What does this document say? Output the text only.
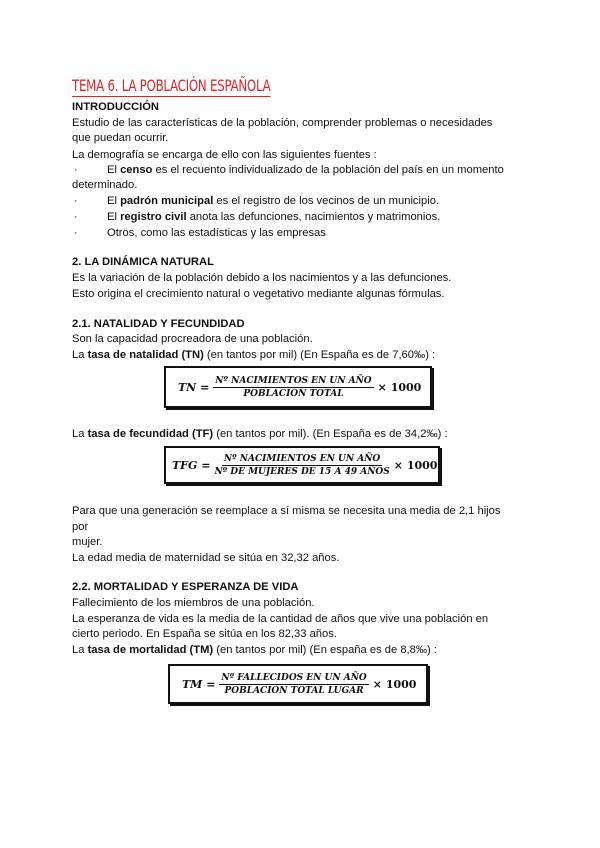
TEMA 6. LA POBLACIÓN ESPAÑOLA
INTRODUCCIÓN
Estudio de las características de la población, comprender problemas o necesidades
que puedan ocurrir.
La demografía se encarga de ello con las siguientes fuentes :
·	El censo es el recuento individualizado de la población del país en un momento
determinado.
·	El padrón municipal es el registro de los vecinos de un municipio.
·	El registro civil anota las defunciones, nacimientos y matrimonios.
·	Otros, como las estadísticas y las empresas
2. LA DINÁMICA NATURAL
Es la variación de la población debido a los nacimientos y a las defunciones.
Esto origina el crecimiento natural o vegetativo mediante algunas fórmulas.
2.1. NATALIDAD Y FECUNDIDAD
Son la capacidad procreadora de una población.
La tasa de natalidad (TN) (en tantos por mil) (En España es de 7,60‰) :
TN = $\frac{\text{Nº NACIMIENTOS EN UN AÑO}}{\text{POBLACIÓN TOTAL}} \times 1000$
La tasa de fecundidad (TF) (en tantos por mil). (En España es de 34,2‰) :
TFG = $\frac{\text{Nº NACIMIENTOS EN UN AÑO}}{\text{Nº DE MUJERES DE 15 A 49 AÑOS}} \times 1000$
Para que una generación se reemplace a sí misma se necesita una media de 2,1 hijos
por
mujer.
La edad media de maternidad se sitúa en 32,32 años.
2.2. MORTALIDAD Y ESPERANZA DE VIDA
Fallecimiento de los miembros de una población.
La esperanza de vida es la media de la cantidad de años que vive una población en
cierto periodo. En España se sitúa en los 82,33 años.
La tasa de mortalidad (TM) (en tantos por mil) (En españa es de 8,8‰) :
TM = $\frac{\text{Nº FALLECIDOS EN UN AÑO}}{\text{POBLACIÓN TOTAL LUGAR}} \times 1000$
